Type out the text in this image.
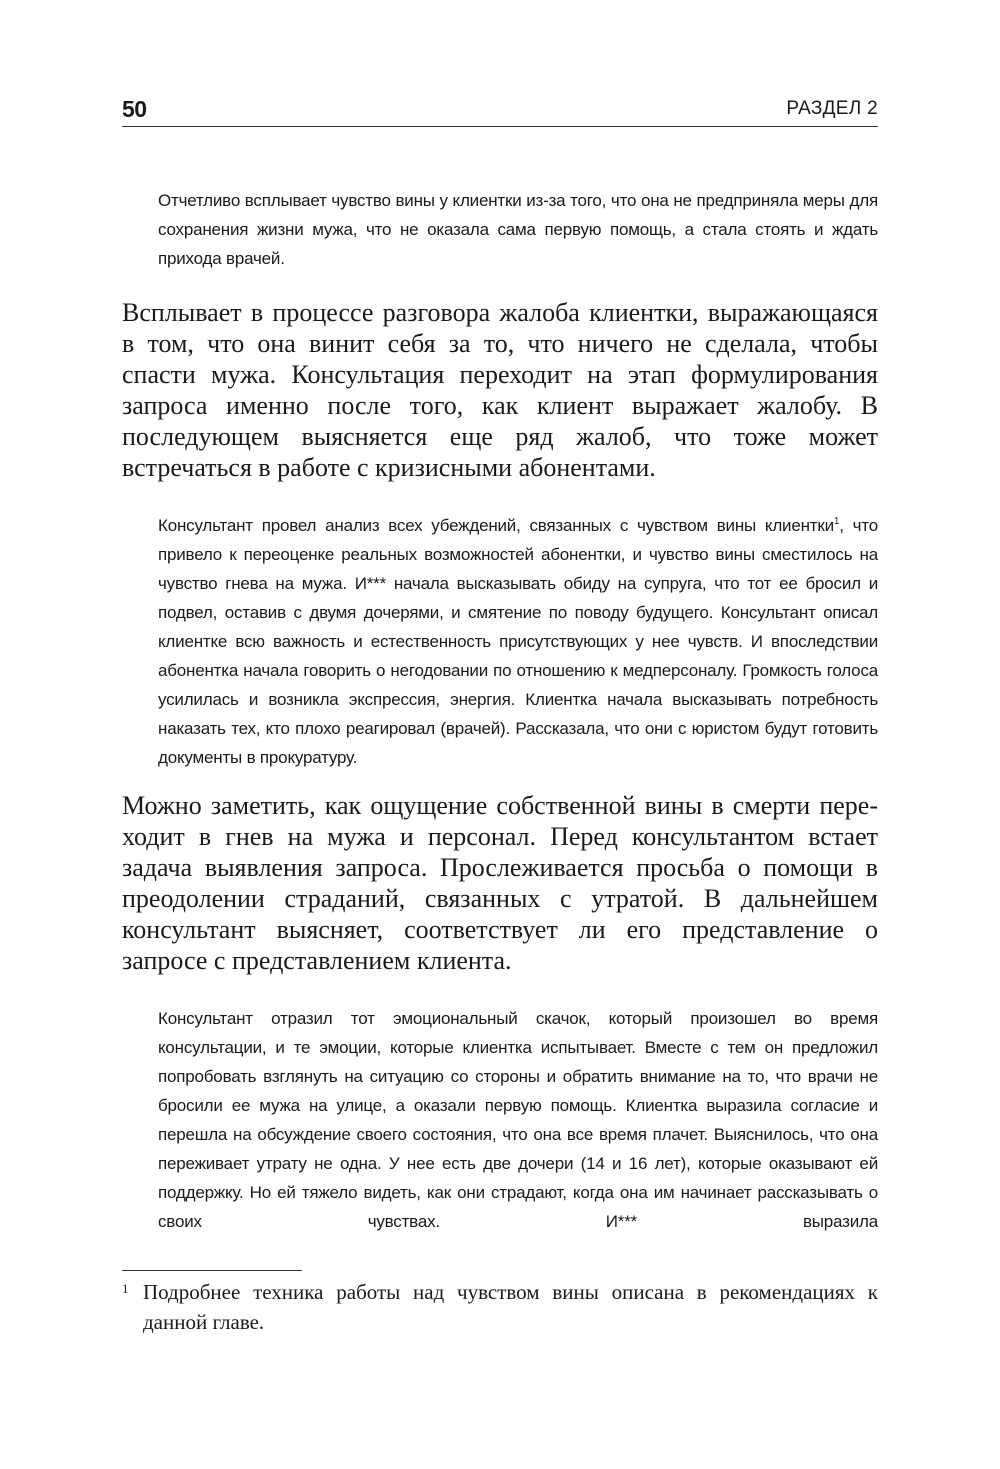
50	РАЗДЕЛ 2

Отчетливо всплывает чувство вины у клиентки из-за того, что она не предприняла меры для сохранения жизни мужа, что не оказала сама первую помощь, а стала стоять и ждать прихода врачей.

Всплывает в процессе разговора жалоба клиентки, выражающаяся в том, что она винит себя за то, что ничего не сделала, чтобы спасти мужа. Консультация переходит на этап формулирования запроса именно после того, как клиент выражает жалобу. В последующем выясняется еще ряд жалоб, что тоже может встречаться в работе с кризисными абонентами.

Консультант провел анализ всех убеждений, связанных с чувством вины клиентки$^1$, что привело к переоценке реальных возможностей абонентки, и чувство вины сместилось на чувство гнева на мужа. И*** начала высказывать обиду на супруга, что тот ее бросил и подвел, оставив с двумя дочерями, и смятение по поводу будущего. Консультант описал клиентке всю важность и естественность присутствующих у нее чувств. И впоследствии абонентка начала говорить о негодовании по отношению к медперсоналу. Громкость голоса усилилась и возникла экспрессия, энергия. Клиентка начала высказывать потребность наказать тех, кто плохо реагировал (врачей). Рассказала, что они с юристом будут готовить документы в прокуратуру.

Можно заметить, как ощущение собственной вины в смерти переходит в гнев на мужа и персонал. Перед консультантом встает задача выявления запроса. Прослеживается просьба о помощи в преодолении страданий, связанных с утратой. В дальнейшем консультант выясняет, соответствует ли его представление о запросе с представлением клиента.

Консультант отразил тот эмоциональный скачок, который произошел во время консультации, и те эмоции, которые клиентка испытывает. Вместе с тем он предложил попробовать взглянуть на ситуацию со стороны и обратить внимание на то, что врачи не бросили ее мужа на улице, а оказали первую помощь. Клиентка выразила согласие и перешла на обсуждение своего состояния, что она все время плачет. Выяснилось, что она переживает утрату не одна. У нее есть две дочери (14 и 16 лет), которые оказывают ей поддержку. Но ей тяжело видеть, как они страдают, когда она им начинает рассказывать о своих чувствах. И*** выразила

1 Подробнее техника работы над чувством вины описана в рекомендациях к данной главе.
